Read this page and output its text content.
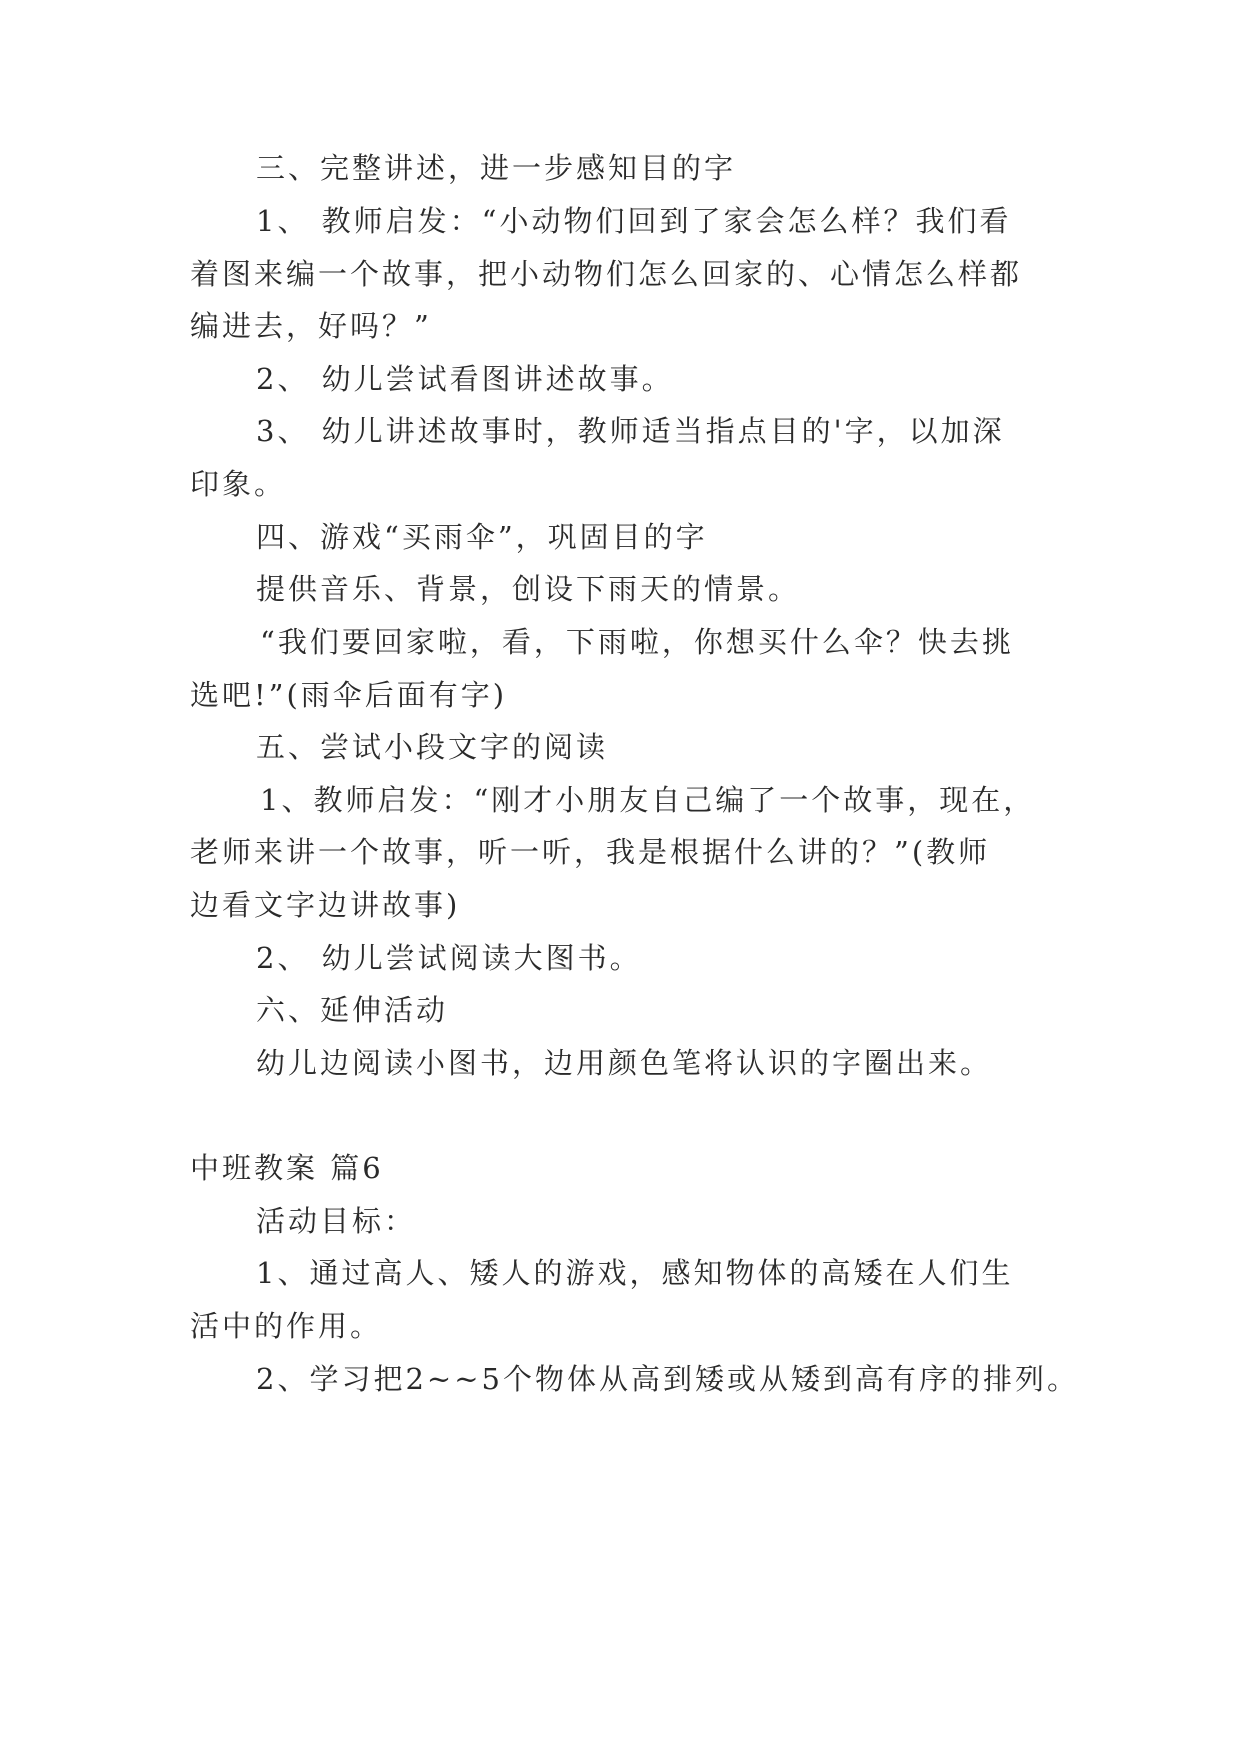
三、完整讲述，进一步感知目的字
1、 教师启发：“小动物们回到了家会怎么样？我们看
着图来编一个故事，把小动物们怎么回家的、心情怎么样都
编进去，好吗？”
2、 幼儿尝试看图讲述故事。
3、 幼儿讲述故事时，教师适当指点目的'字，以加深
印象。
四、游戏“买雨伞”，巩固目的字
提供音乐、背景，创设下雨天的情景。
“我们要回家啦，看，下雨啦，你想买什么伞？快去挑
选吧!”(雨伞后面有字)
五、尝试小段文字的阅读
1、教师启发：“刚才小朋友自己编了一个故事，现在，
老师来讲一个故事，听一听，我是根据什么讲的？”(教师
边看文字边讲故事)
2、 幼儿尝试阅读大图书。
六、延伸活动
幼儿边阅读小图书，边用颜色笔将认识的字圈出来。
中班教案 篇6
活动目标：
1、通过高人、矮人的游戏，感知物体的高矮在人们生
活中的作用。
2、学习把2~~5个物体从高到矮或从矮到高有序的排列。
